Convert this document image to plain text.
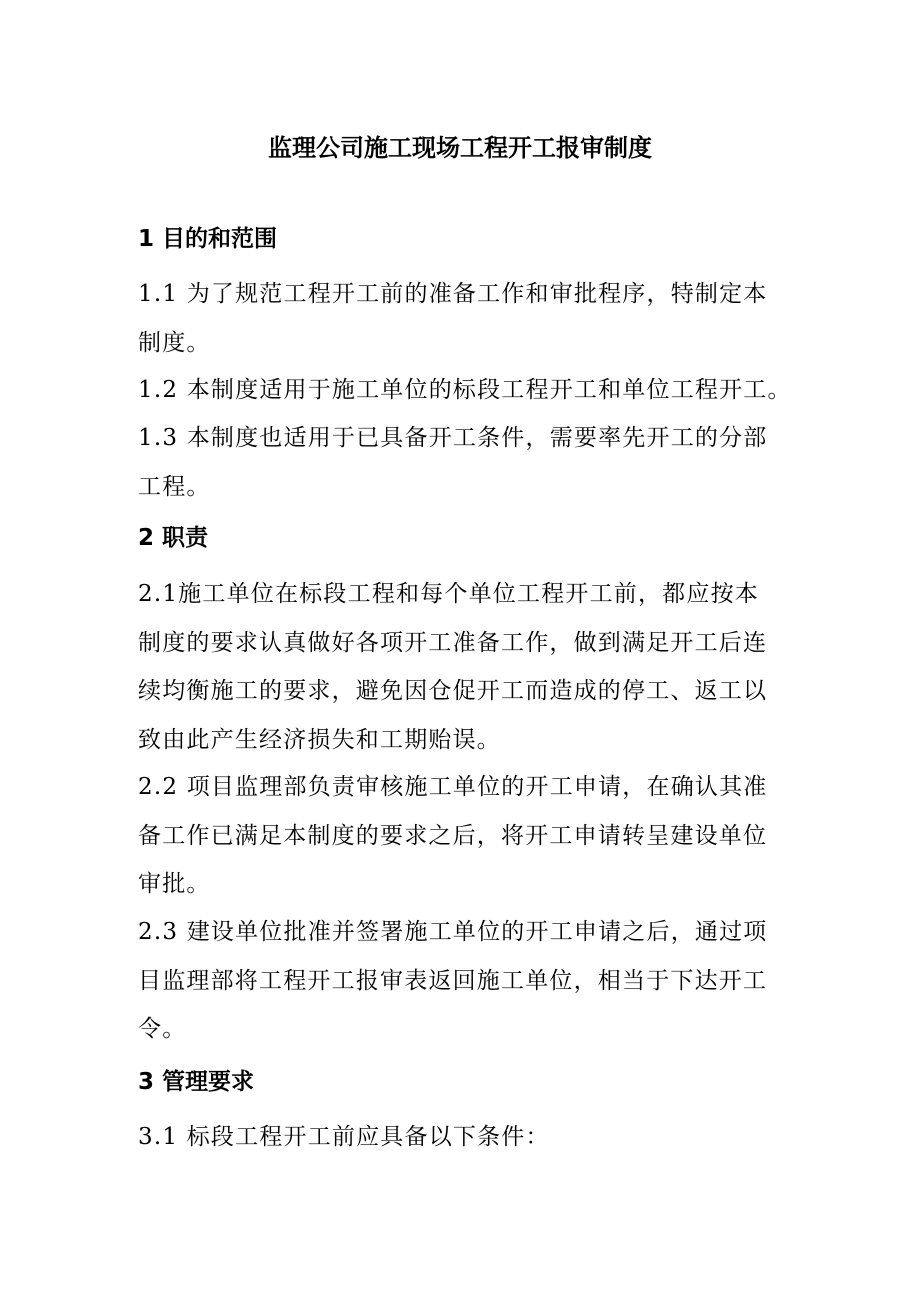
监理公司施工现场工程开工报审制度
1 目的和范围

1.1 为了规范工程开工前的准备工作和审批程序，特制定本
制度。

1.2 本制度适用于施工单位的标段工程开工和单位工程开工。

1.3 本制度也适用于已具备开工条件，需要率先开工的分部
工程。

2 职责

2.1施工单位在标段工程和每个单位工程开工前，都应按本
制度的要求认真做好各项开工准备工作，做到满足开工后连
续均衡施工的要求，避免因仓促开工而造成的停工、返工以
致由此产生经济损失和工期贻误。

2.2 项目监理部负责审核施工单位的开工申请，在确认其准
备工作已满足本制度的要求之后，将开工申请转呈建设单位
审批。

2.3 建设单位批准并签署施工单位的开工申请之后，通过项
目监理部将工程开工报审表返回施工单位，相当于下达开工
令。

3 管理要求

3.1 标段工程开工前应具备以下条件：
